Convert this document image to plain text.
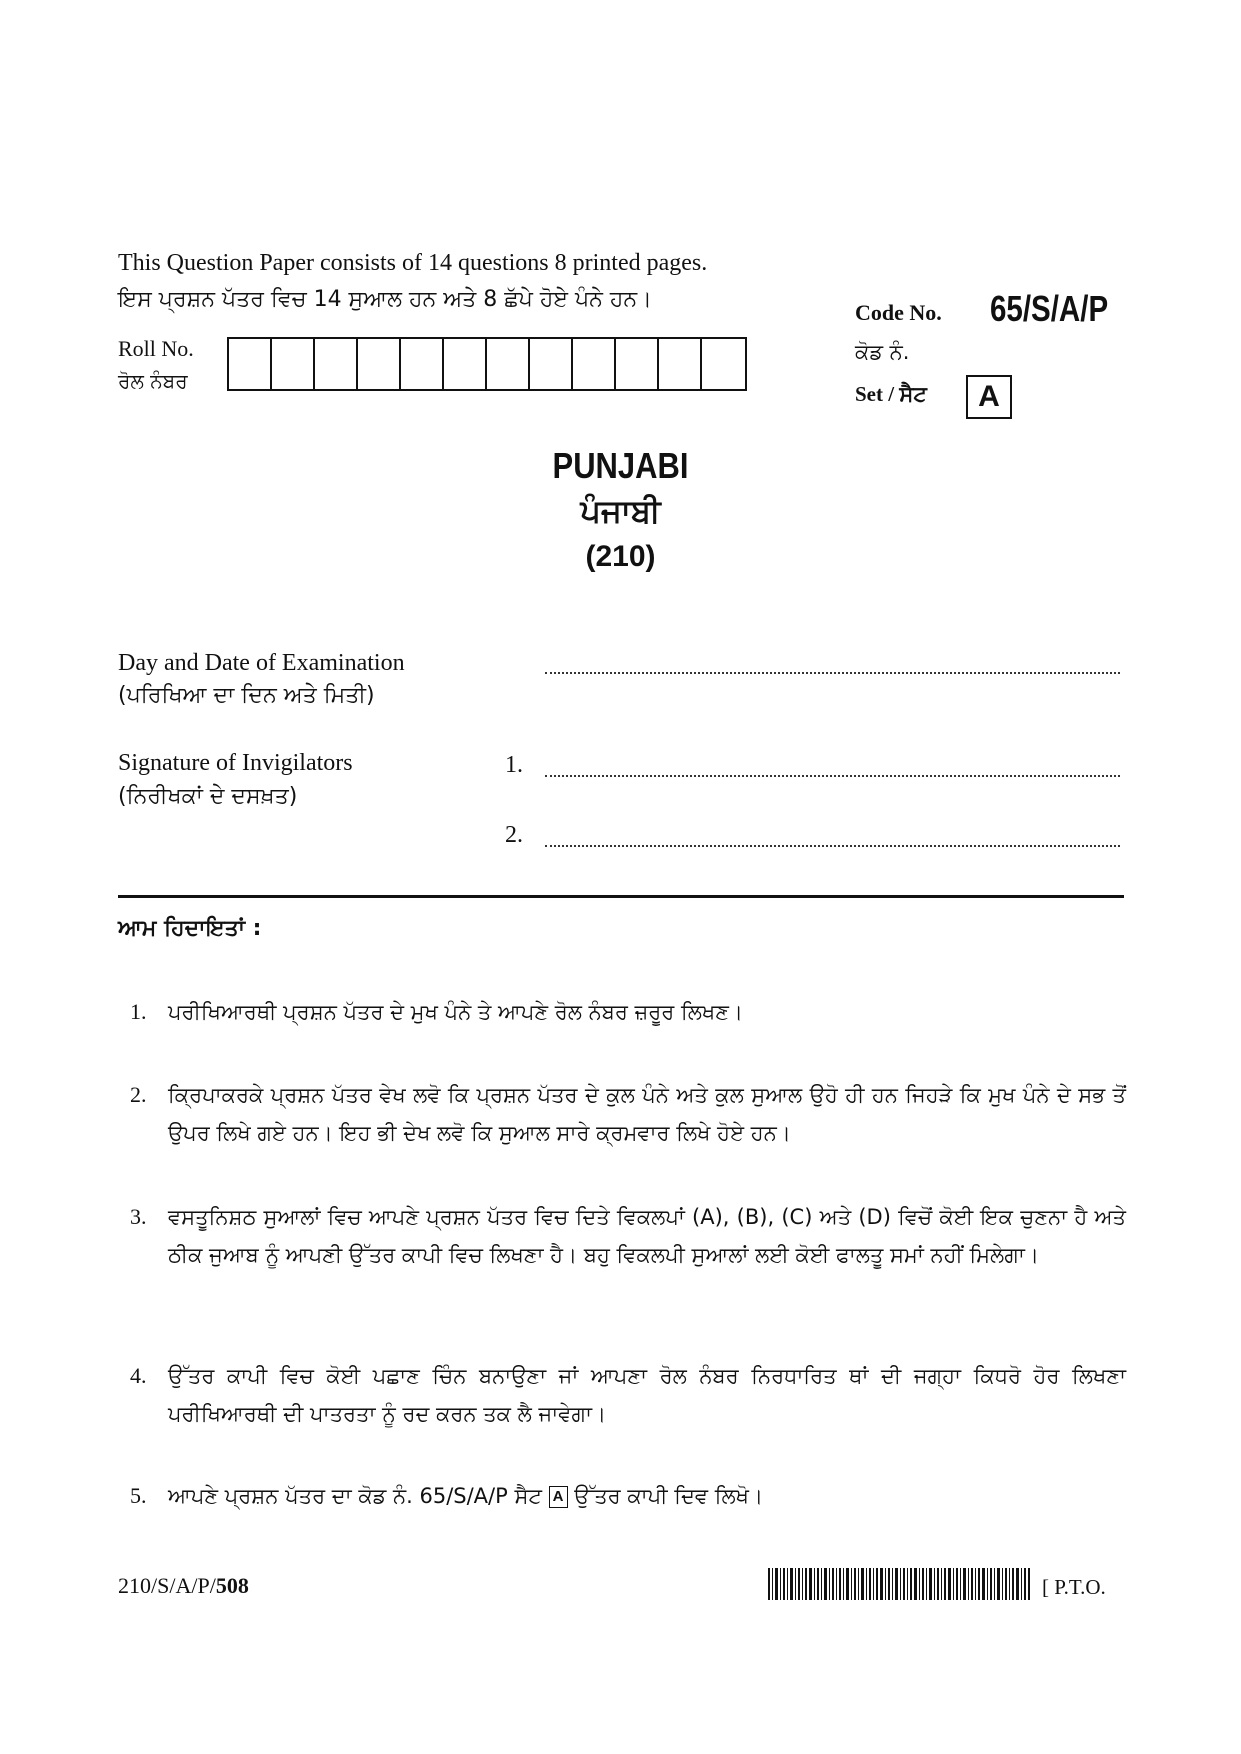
This Question Paper consists of 14 questions 8 printed pages.
ਇਸ ਪ੍ਰਸ਼ਨ ਪੱਤਰ ਵਿਚ 14 ਸੁਆਲ ਹਨ ਅਤੇ 8 ਛੱਪੇ ਹੋਏ ਪੰਨੇ ਹਨ।
Roll No.
ਰੋਲ ਨੰਬਰ
Code No. 65/S/A/P
ਕੋਡ ਨੰ.
Set / ਸੈਟ	A
PUNJABI
ਪੰਜਾਬੀ
(210)
Day and Date of Examination
(ਪਰਿਖਿਆ ਦਾ ਦਿਨ ਅਤੇ ਮਿਤੀ)
Signature of Invigilators
(ਨਿਰੀਖਕਾਂ ਦੇ ਦਸਖ਼ਤ)
1.
2.
ਆਮ ਹਿਦਾਇਤਾਂ :
1.	ਪਰੀਖਿਆਰਥੀ ਪ੍ਰਸ਼ਨ ਪੱਤਰ ਦੇ ਮੁਖ ਪੰਨੇ ਤੇ ਆਪਣੇ ਰੋਲ ਨੰਬਰ ਜ਼ਰੂਰ ਲਿਖਣ।
2.	ਕ੍ਰਿਪਾਕਰਕੇ ਪ੍ਰਸ਼ਨ ਪੱਤਰ ਵੇਖ ਲਵੋ ਕਿ ਪ੍ਰਸ਼ਨ ਪੱਤਰ ਦੇ ਕੁਲ ਪੰਨੇ ਅਤੇ ਕੁਲ ਸੁਆਲ ਉਹੋ ਹੀ ਹਨ ਜਿਹੜੇ ਕਿ ਮੁਖ ਪੰਨੇ ਦੇ ਸਭ ਤੋਂ ਉਪਰ ਲਿਖੇ ਗਏ ਹਨ। ਇਹ ਭੀ ਦੇਖ ਲਵੋ ਕਿ ਸੁਆਲ ਸਾਰੇ ਕ੍ਰਮਵਾਰ ਲਿਖੇ ਹੋਏ ਹਨ।
3.	ਵਸਤੂਨਿਸ਼ਠ ਸੁਆਲਾਂ ਵਿਚ ਆਪਣੇ ਪ੍ਰਸ਼ਨ ਪੱਤਰ ਵਿਚ ਦਿਤੇ ਵਿਕਲਪਾਂ (A), (B), (C) ਅਤੇ (D) ਵਿਚੋਂ ਕੋਈ ਇਕ ਚੁਣਨਾ ਹੈ ਅਤੇ ਠੀਕ ਜੁਆਬ ਨੂੰ ਆਪਣੀ ਉੱਤਰ ਕਾਪੀ ਵਿਚ ਲਿਖਣਾ ਹੈ। ਬਹੁ ਵਿਕਲਪੀ ਸੁਆਲਾਂ ਲਈ ਕੋਈ ਫਾਲਤੂ ਸਮਾਂ ਨਹੀਂ ਮਿਲੇਗਾ।
4.	ਉੱਤਰ ਕਾਪੀ ਵਿਚ ਕੋਈ ਪਛਾਣ ਚਿੰਨ ਬਨਾਉਣਾ ਜਾਂ ਆਪਣਾ ਰੋਲ ਨੰਬਰ ਨਿਰਧਾਰਿਤ ਥਾਂ ਦੀ ਜਗ੍ਹਾ ਕਿਧਰੋ ਹੋਰ ਲਿਖਣਾ ਪਰੀਖਿਆਰਥੀ ਦੀ ਪਾਤਰਤਾ ਨੂੰ ਰਦ ਕਰਨ ਤਕ ਲੈ ਜਾਵੇਗਾ।
5.	ਆਪਣੇ ਪ੍ਰਸ਼ਨ ਪੱਤਰ ਦਾ ਕੋਡ ਨੰ. 65/S/A/P ਸੈਟ A ਉੱਤਰ ਕਾਪੀ ਦਿਵ ਲਿਖੋ।
210/S/A/P/508	[ P.T.O.
